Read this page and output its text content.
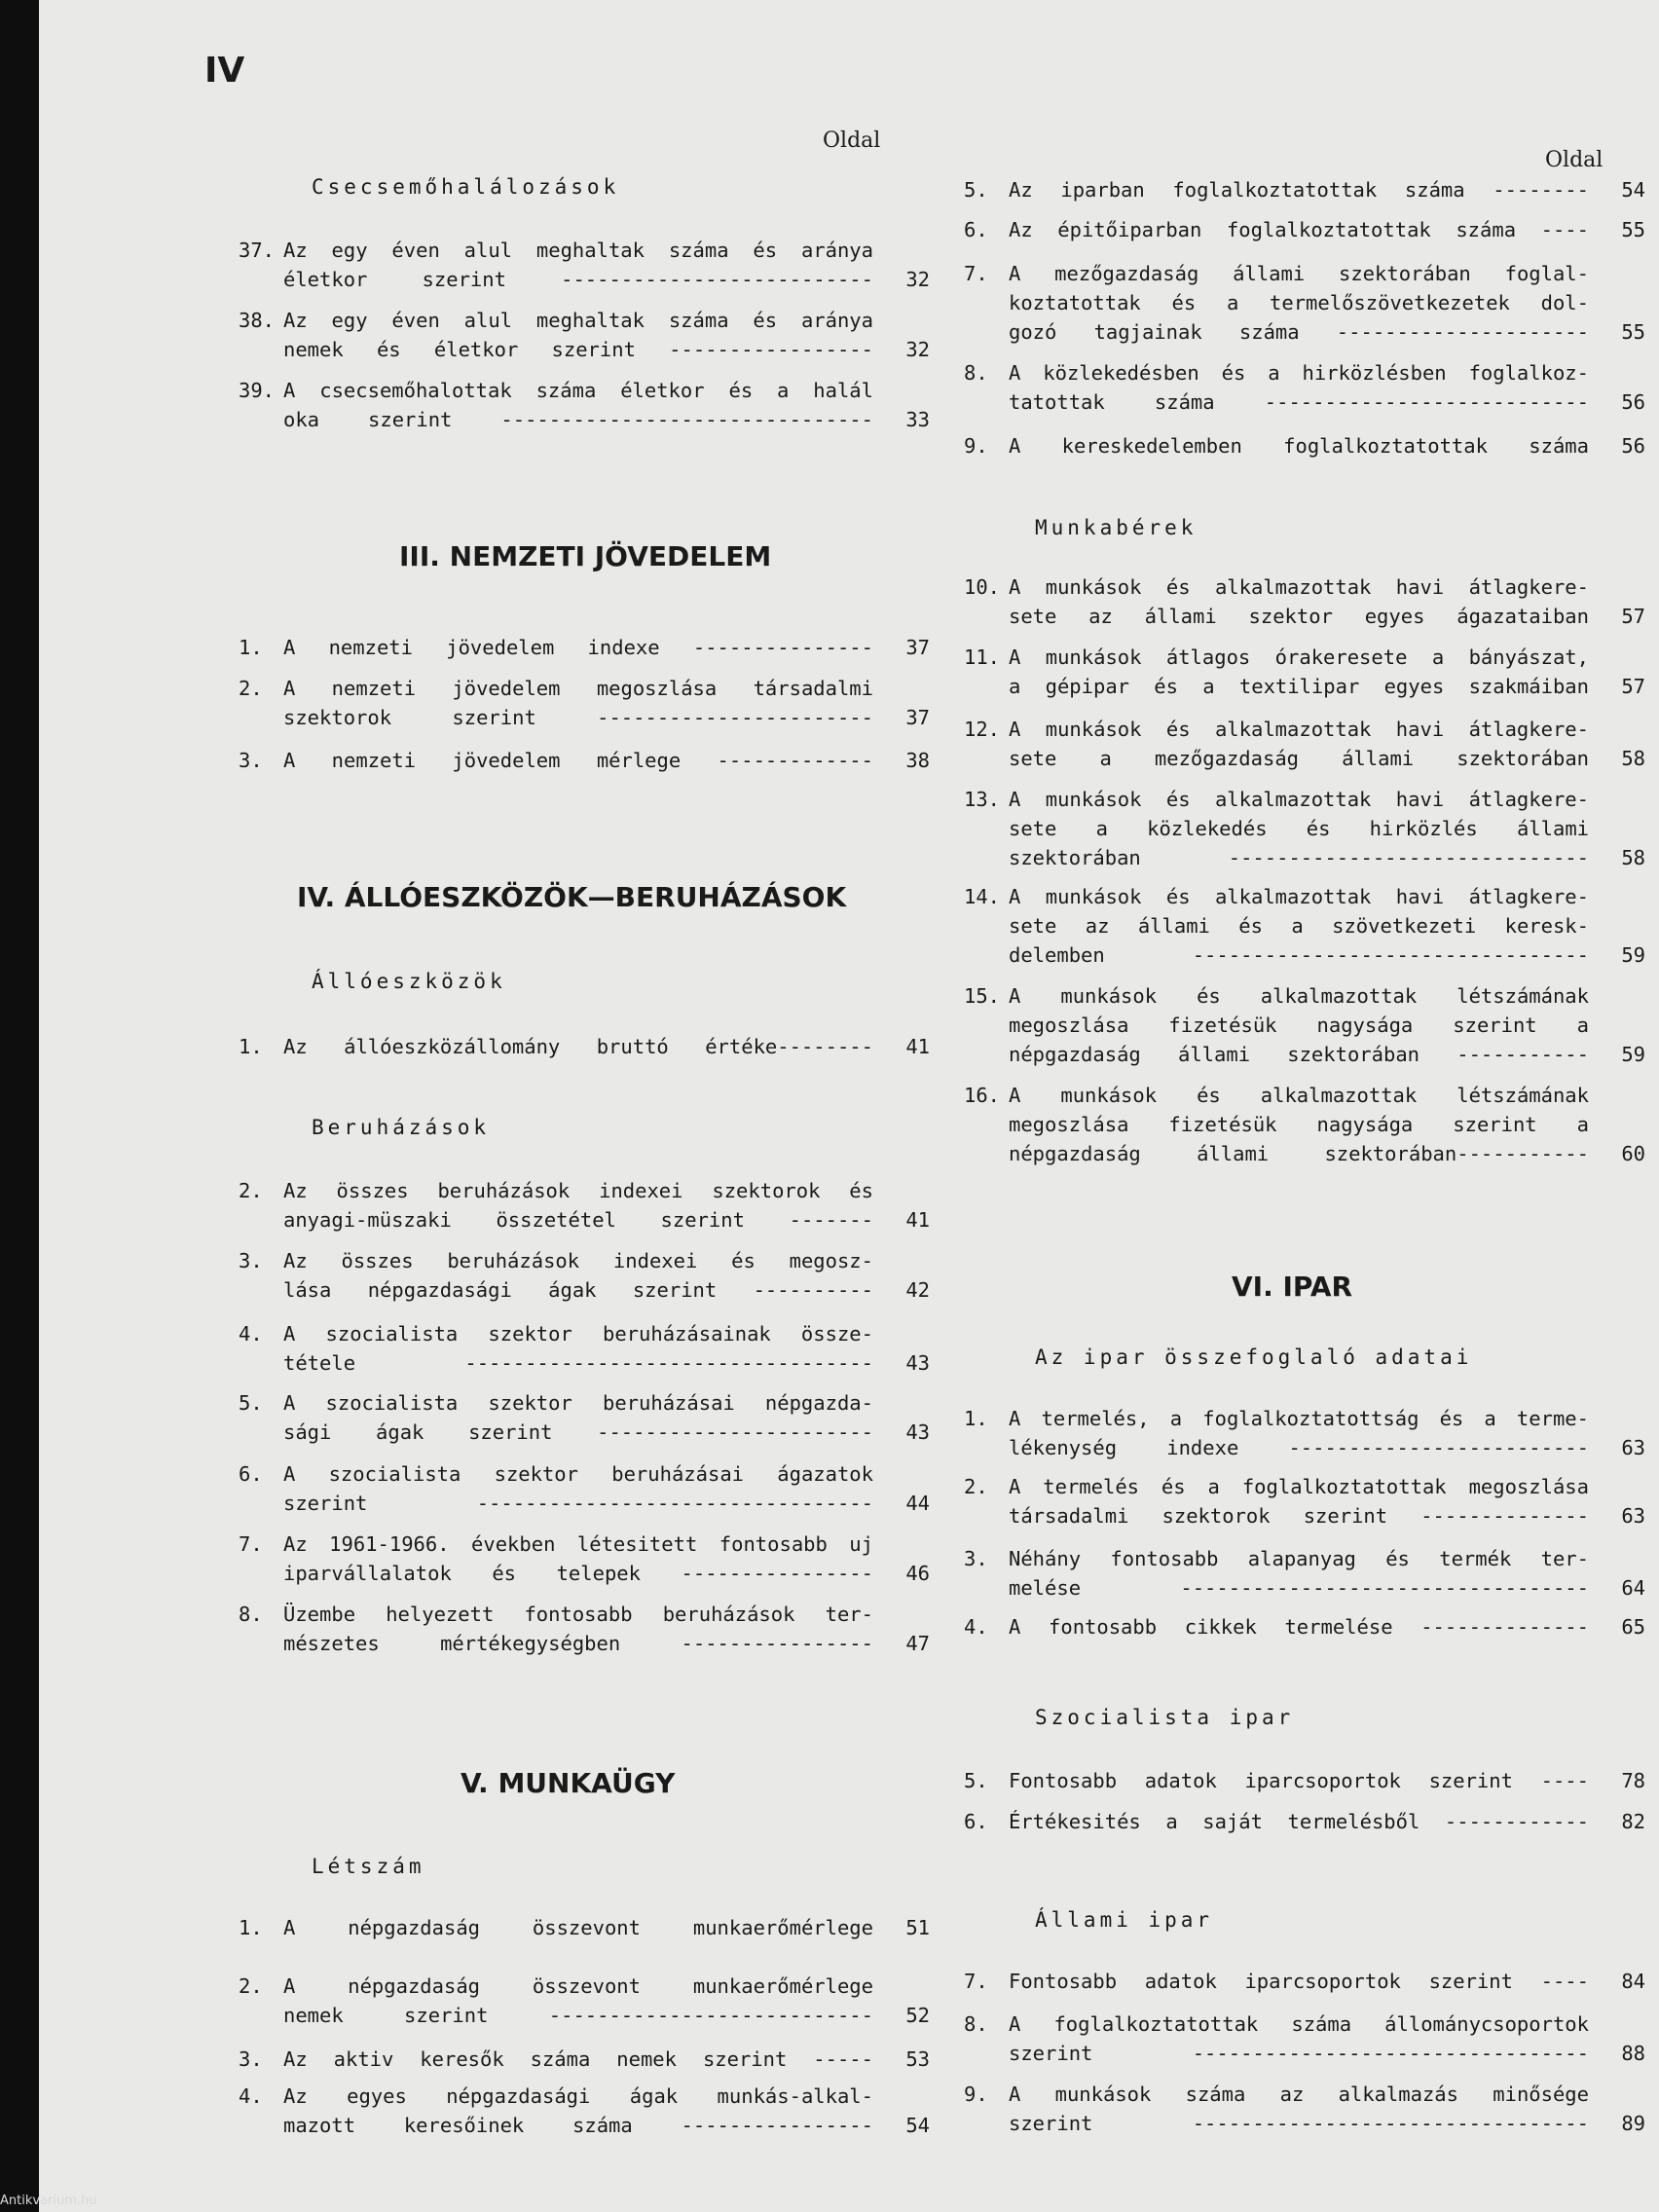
IV
Oldal
Oldal
Csecsemőhalálozások
37. Az egy éven alul meghaltak száma és aránya
életkor szerint --------------------------	32
38. Az egy éven alul meghaltak száma és aránya
nemek és életkor szerint -----------------	32
39. A csecsemőhalottak száma életkor és a halál
oka szerint -------------------------------	33
III. NEMZETI JÖVEDELEM
1. A nemzeti jövedelem indexe ---------------	37
2. A nemzeti jövedelem megoszlása társadalmi
szektorok szerint -----------------------	37
3. A nemzeti jövedelem mérlege -------------	38
IV. ÁLLÓESZKÖZÖK—BERUHÁZÁSOK
Állóeszközök
1. Az állóeszközállomány bruttó értéke--------	41
Beruházások
2. Az összes beruházások indexei szektorok és
anyagi-müszaki összetétel szerint -------	41
3. Az összes beruházások indexei és megosz-
lása népgazdasági ágak szerint ----------	42
4. A szocialista szektor beruházásainak össze-
tétele ----------------------------------	43
5. A szocialista szektor beruházásai népgazda-
sági ágak szerint -----------------------	43
6. A szocialista szektor beruházásai ágazatok
szerint ---------------------------------	44
7. Az 1961-1966. években létesitett fontosabb uj
iparvállalatok és telepek ----------------	46
8. Üzembe helyezett fontosabb beruházások ter-
mészetes mértékegységben ----------------	47
V. MUNKAÜGY
Létszám
1. A népgazdaság összevont munkaerőmérlege	51
2. A népgazdaság összevont munkaerőmérlege
nemek szerint ---------------------------	52
3. Az aktiv keresők száma nemek szerint -----	53
4. Az egyes népgazdasági ágak munkás-alkal-
mazott keresőinek száma ----------------	54
5. Az iparban foglalkoztatottak száma --------	54
6. Az épitőiparban foglalkoztatottak száma ----	55
7. A mezőgazdaság állami szektorában foglal-
koztatottak és a termelőszövetkezetek dol-
gozó tagjainak száma ---------------------	55
8. A közlekedésben és a hirközlésben foglalkoz-
tatottak száma ---------------------------	56
9. A kereskedelemben foglalkoztatottak száma	56
Munkabérek
10. A munkások és alkalmazottak havi átlagkere-
sete az állami szektor egyes ágazataiban	57
11. A munkások átlagos órakeresete a bányászat,
a gépipar és a textilipar egyes szakmáiban	57
12. A munkások és alkalmazottak havi átlagkere-
sete a mezőgazdaság állami szektorában	58
13. A munkások és alkalmazottak havi átlagkere-
sete a közlekedés és hirközlés állami
szektorában ------------------------------	58
14. A munkások és alkalmazottak havi átlagkere-
sete az állami és a szövetkezeti keresk-
delemben ---------------------------------	59
15. A munkások és alkalmazottak létszámának
megoszlása fizetésük nagysága szerint a
népgazdaság állami szektorában -----------	59
16. A munkások és alkalmazottak létszámának
megoszlása fizetésük nagysága szerint a
népgazdaság állami szektorában-----------	60
VI. IPAR
Az ipar összefoglaló adatai
1. A termelés, a foglalkoztatottság és a terme-
lékenység indexe -------------------------	63
2. A termelés és a foglalkoztatottak megoszlása
társadalmi szektorok szerint --------------	63
3. Néhány fontosabb alapanyag és termék ter-
melése ----------------------------------	64
4. A fontosabb cikkek termelése --------------	65
Szocialista ipar
5. Fontosabb adatok iparcsoportok szerint ----	78
6. Értékesités a saját termelésből ------------	82
Állami ipar
7. Fontosabb adatok iparcsoportok szerint ----	84
8. A foglalkoztatottak száma állománycsoportok
szerint ---------------------------------	88
9. A munkások száma az alkalmazás minősége
szerint ---------------------------------	89
Antikvarium.hu
